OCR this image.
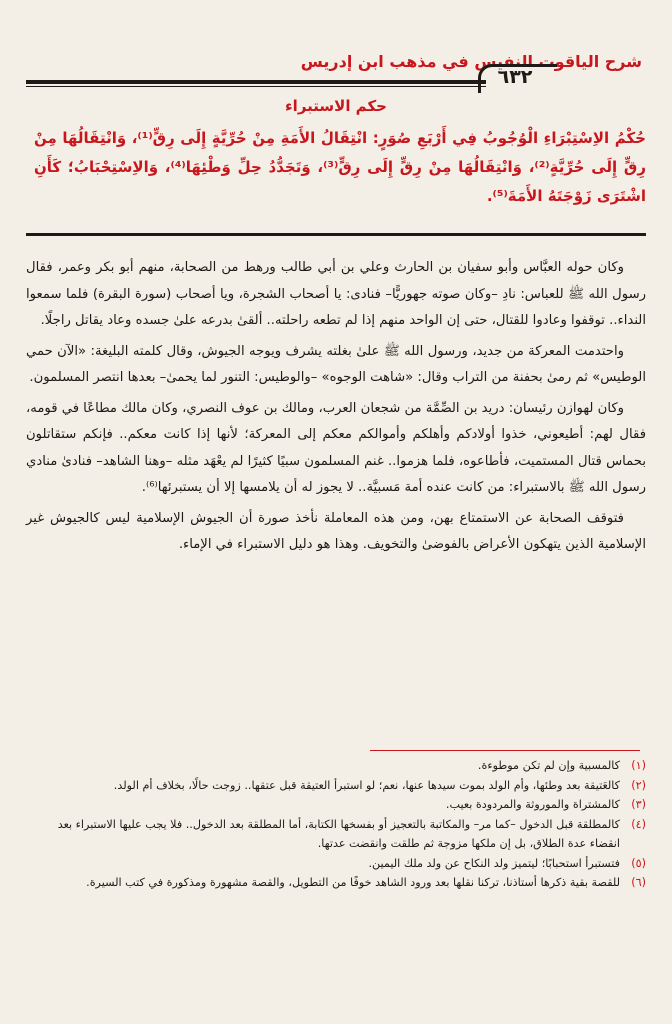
شرح الياقوت النفيس في مذهب ابن إدريس
٦٣٢
حكم الاستبراء
حُكْمُ الاِسْتِبْرَاءِ الْوُجُوبُ فِي أَرْبَعِ صُوَرٍ: انْتِقَالُ الأَمَةِ مِنْ حُرِّيَّةٍ إِلَى رِقٍّ⁽¹⁾، وَانْتِقَالُهَا مِنْ رِقٍّ إِلَى حُرِّيَّةٍ⁽²⁾، وَانْتِقَالُهَا مِنْ رِقٍّ إِلَى رِقٍّ⁽³⁾، وَتَجَدُّدُ حِلِّ وَطْئِهَا⁽⁴⁾، وَالاِسْتِحْبَابُ؛ كَأَنِ اشْتَرَى زَوْجَتَهُ الأَمَةَ⁽⁵⁾.

وكان حوله العبَّاس وأبو سفيان بن الحارث وعلي بن أبي طالب ورهط من الصحابة، منهم أبو بكر وعمر، فقال رسول الله ﷺ للعباس: نادِ –وكان صوته جهوريًّا– فنادى: يا أصحاب الشجرة، ويا أصحاب (سورة البقرة) فلما سمعوا النداء.. توقفوا وعادوا للقتال، حتى إن الواحد منهم إذا لم تطعه راحلته.. ألقىٰ بدرعه علىٰ جسده وعاد يقاتل راجلًا.

واحتدمت المعركة من جديد، ورسول الله ﷺ علىٰ بغلته يشرف ويوجه الجيوش، وقال كلمته البليغة: «الآن حمي الوطيس» ثم رمىٰ بحفنة من التراب وقال: «شاهت الوجوه» –والوطيس: التنور لما يحمىٰ– بعدها انتصر المسلمون.

وكان لهوازن رئيسان: دريد بن الصِّمَّة من شجعان العرب، ومالك بن عوف النصري، وكان مالك مطاعًا في قومه، فقال لهم: أطيعوني، خذوا أولادكم وأهلكم وأموالكم معكم إلى المعركة؛ لأنها إذا كانت معكم.. فإنكم ستقاتلون بحماس قتال المستميت، فأطاعوه، فلما هزموا.. غنم المسلمون سبيًا كثيرًا لم يعْهَد مثله –وهنا الشاهد– فنادىٰ منادي رسول الله ﷺ بالاستبراء: من كانت عنده أمة مَسبيَّة.. لا يجوز له أن يلامسها إلا أن يستبرئها⁽⁶⁾.

فتوقف الصحابة عن الاستمتاع بهن، ومن هذه المعاملة نأخذ صورة أن الجيوش الإسلامية ليس كالجيوش غير الإسلامية الذين يتهكون الأعراض بالفوضىٰ والتخويف. وهذا هو دليل الاستبراء في الإماء.

(١)
كالمسبية وإن لم تكن موطوءة.
(٢)
كالعَتيقة بعد وطئها، وأم الولد بموت سيدها عنها، نعم؛ لو استبرأ العتيقة قبل عتقها.. زوجت حالًا، بخلاف أم الولد.
(٣)
كالمشتراة والموروثة والمردودة بعيب.
(٤)
كالمطلقة قبل الدخول –كما مر– والمكاتبة بالتعجيز أو بفسخها الكتابة، أما المطلقة بعد الدخول.. فلا يجب عليها الاستبراء بعد انقضاء عدة الطلاق، بل إن ملكها مزوجة ثم طلقت وانقضت عدتها.
(٥)
فتستبرأ استحبابًا؛ ليتميز ولد النكاح عن ولد ملك اليمين.
(٦)
للقصة بقية ذكرها أستاذنا، تركنا نقلها بعد ورود الشاهد خوفًا من التطويل، والقصة مشهورة ومذكورة في كتب السيرة.
